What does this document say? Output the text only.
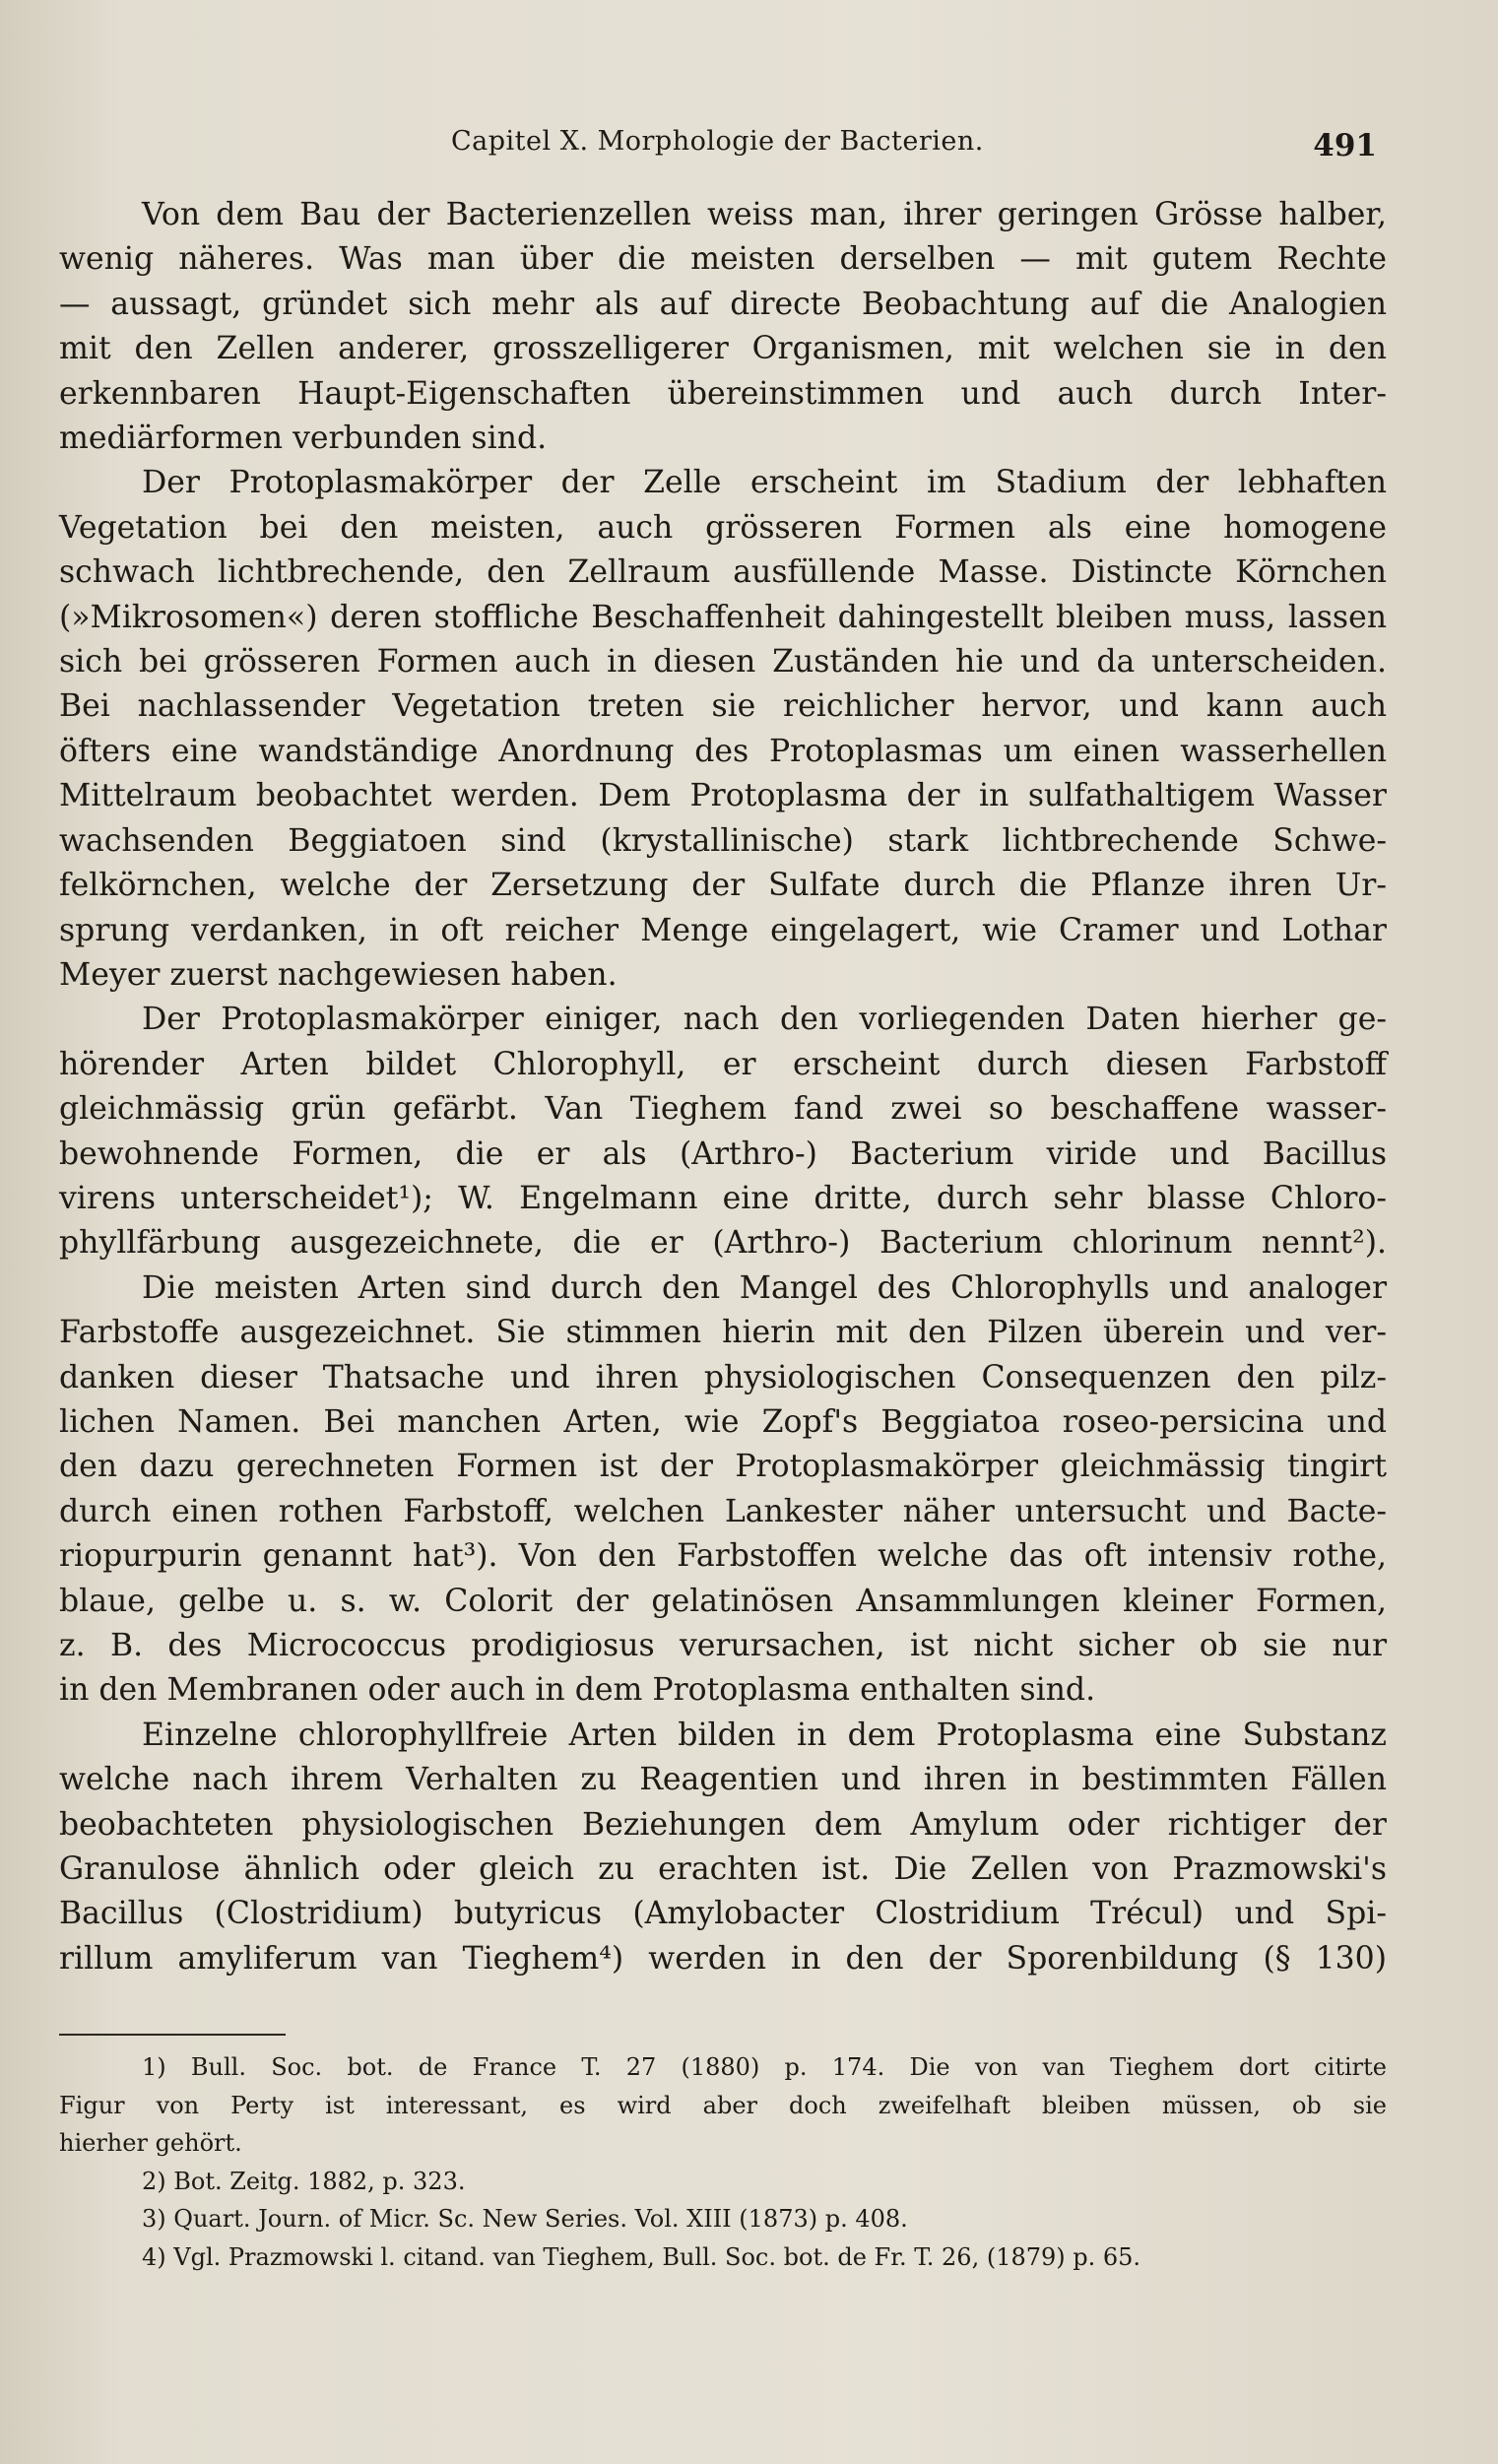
Capitel X. Morphologie der Bacterien.	491
Von dem Bau der Bacterienzellen weiss man, ihrer geringen Grösse halber,
wenig näheres. Was man über die meisten derselben — mit gutem Rechte
— aussagt, gründet sich mehr als auf directe Beobachtung auf die Analogien
mit den Zellen anderer, grosszelligerer Organismen, mit welchen sie in den
erkennbaren Haupt-Eigenschaften übereinstimmen und auch durch Inter-
mediärformen verbunden sind.
Der Protoplasmakörper der Zelle erscheint im Stadium der lebhaften
Vegetation bei den meisten, auch grösseren Formen als eine homogene
schwach lichtbrechende, den Zellraum ausfüllende Masse. Distincte Körnchen
(»Mikrosomen«) deren stoffliche Beschaffenheit dahingestellt bleiben muss, lassen
sich bei grösseren Formen auch in diesen Zuständen hie und da unterscheiden.
Bei nachlassender Vegetation treten sie reichlicher hervor, und kann auch
öfters eine wandständige Anordnung des Protoplasmas um einen wasserhellen
Mittelraum beobachtet werden. Dem Protoplasma der in sulfathaltigem Wasser
wachsenden Beggiatoen sind (krystallinische) stark lichtbrechende Schwe-
felkörnchen, welche der Zersetzung der Sulfate durch die Pflanze ihren Ur-
sprung verdanken, in oft reicher Menge eingelagert, wie Cramer und Lothar
Meyer zuerst nachgewiesen haben.
Der Protoplasmakörper einiger, nach den vorliegenden Daten hierher ge-
hörender Arten bildet Chlorophyll, er erscheint durch diesen Farbstoff
gleichmässig grün gefärbt. Van Tieghem fand zwei so beschaffene wasser-
bewohnende Formen, die er als (Arthro-) Bacterium viride und Bacillus
virens unterscheidet¹); W. Engelmann eine dritte, durch sehr blasse Chloro-
phyllfärbung ausgezeichnete, die er (Arthro-) Bacterium chlorinum nennt²).
Die meisten Arten sind durch den Mangel des Chlorophylls und analoger
Farbstoffe ausgezeichnet. Sie stimmen hierin mit den Pilzen überein und ver-
danken dieser Thatsache und ihren physiologischen Consequenzen den pilz-
lichen Namen. Bei manchen Arten, wie Zopf's Beggiatoa roseo-persicina und
den dazu gerechneten Formen ist der Protoplasmakörper gleichmässig tingirt
durch einen rothen Farbstoff, welchen Lankester näher untersucht und Bacte-
riopurpurin genannt hat³). Von den Farbstoffen welche das oft intensiv rothe,
blaue, gelbe u. s. w. Colorit der gelatinösen Ansammlungen kleiner Formen,
z. B. des Micrococcus prodigiosus verursachen, ist nicht sicher ob sie nur
in den Membranen oder auch in dem Protoplasma enthalten sind.
Einzelne chlorophyllfreie Arten bilden in dem Protoplasma eine Substanz
welche nach ihrem Verhalten zu Reagentien und ihren in bestimmten Fällen
beobachteten physiologischen Beziehungen dem Amylum oder richtiger der
Granulose ähnlich oder gleich zu erachten ist. Die Zellen von Prazmowski's
Bacillus (Clostridium) butyricus (Amylobacter Clostridium Trécul) und Spi-
rillum amyliferum van Tieghem⁴) werden in den der Sporenbildung (§ 130)
1) Bull. Soc. bot. de France T. 27 (1880) p. 174. Die von van Tieghem dort citirte
Figur von Perty ist interessant, es wird aber doch zweifelhaft bleiben müssen, ob sie
hierher gehört.
2) Bot. Zeitg. 1882, p. 323.
3) Quart. Journ. of Micr. Sc. New Series. Vol. XIII (1873) p. 408.
4) Vgl. Prazmowski l. citand. van Tieghem, Bull. Soc. bot. de Fr. T. 26, (1879) p. 65.
